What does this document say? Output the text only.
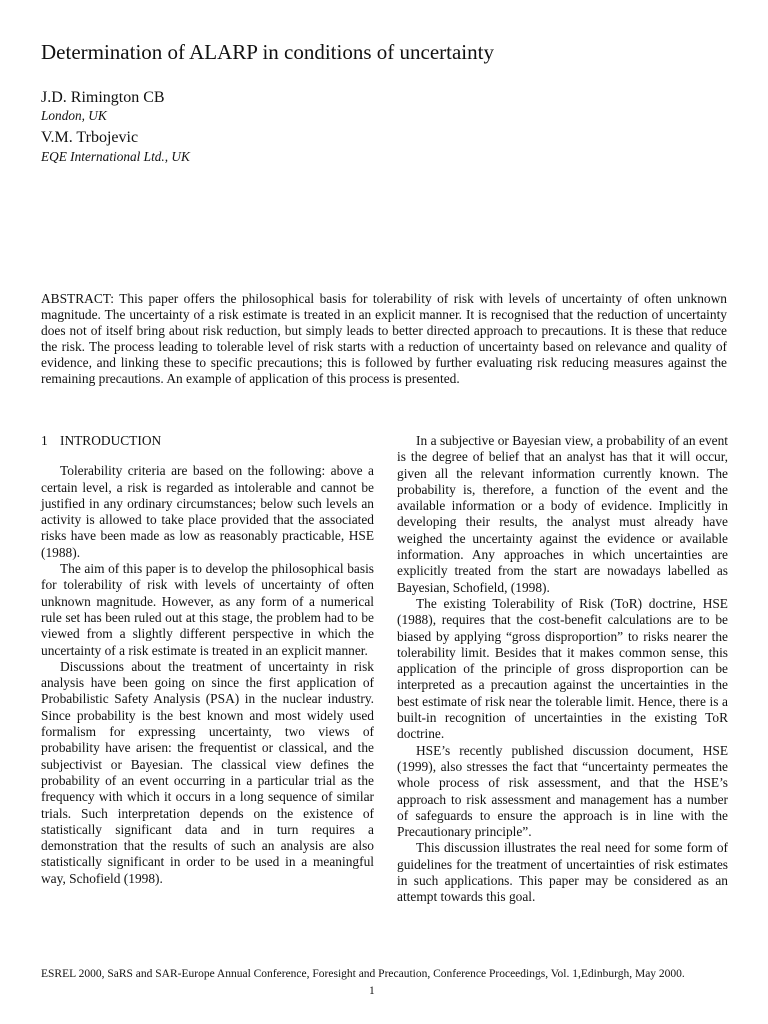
Determination of ALARP in conditions of uncertainty
J.D. Rimington CB
London, UK
V.M. Trbojevic
EQE International Ltd., UK

ABSTRACT: This paper offers the philosophical basis for tolerability of risk with levels of uncertainty of often unknown magnitude. The uncertainty of a risk estimate is treated in an explicit manner. It is recognised that the reduction of uncertainty does not of itself bring about risk reduction, but simply leads to better directed approach to precautions. It is these that reduce the risk. The process leading to tolerable level of risk starts with a reduction of uncertainty based on relevance and quality of evidence, and linking these to specific precautions; this is followed by further evaluating risk reducing measures against the remaining precautions. An example of application of this process is presented.

1 INTRODUCTION

Tolerability criteria are based on the following: above a certain level, a risk is regarded as intolerable and cannot be justified in any ordinary circumstances; below such levels an activity is allowed to take place provided that the associated risks have been made as low as reasonably practicable, HSE (1988).

The aim of this paper is to develop the philosophical basis for tolerability of risk with levels of uncertainty of often unknown magnitude. However, as any form of a numerical rule set has been ruled out at this stage, the problem had to be viewed from a slightly different perspective in which the uncertainty of a risk estimate is treated in an explicit manner.

Discussions about the treatment of uncertainty in risk analysis have been going on since the first application of Probabilistic Safety Analysis (PSA) in the nuclear industry. Since probability is the best known and most widely used formalism for expressing uncertainty, two views of probability have arisen: the frequentist or classical, and the subjectivist or Bayesian. The classical view defines the probability of an event occurring in a particular trial as the frequency with which it occurs in a long sequence of similar trials. Such interpretation depends on the existence of statistically significant data and in turn requires a demonstration that the results of such an analysis are also statistically significant in order to be used in a meaningful way, Schofield (1998).

In a subjective or Bayesian view, a probability of an event is the degree of belief that an analyst has that it will occur, given all the relevant information currently known. The probability is, therefore, a function of the event and the available information or a body of evidence. Implicitly in developing their results, the analyst must already have weighed the uncertainty against the evidence or available information. Any approaches in which uncertainties are explicitly treated from the start are nowadays labelled as Bayesian, Schofield, (1998).

The existing Tolerability of Risk (ToR) doctrine, HSE (1988), requires that the cost-benefit calculations are to be biased by applying “gross disproportion” to risks nearer the tolerability limit. Besides that it makes common sense, this application of the principle of gross disproportion can be interpreted as a precaution against the uncertainties in the best estimate of risk near the tolerable limit. Hence, there is a built-in recognition of uncertainties in the existing ToR doctrine.

HSE’s recently published discussion document, HSE (1999), also stresses the fact that “uncertainty permeates the whole process of risk assessment, and that the HSE’s approach to risk assessment and management has a number of safeguards to ensure the approach is in line with the Precautionary principle”.

This discussion illustrates the real need for some form of guidelines for the treatment of uncertainties of risk estimates in such applications. This paper may be considered as an attempt towards this goal.

ESREL 2000, SaRS and SAR-Europe Annual Conference, Foresight and Precaution, Conference Proceedings, Vol. 1,Edinburgh, May 2000.
1
